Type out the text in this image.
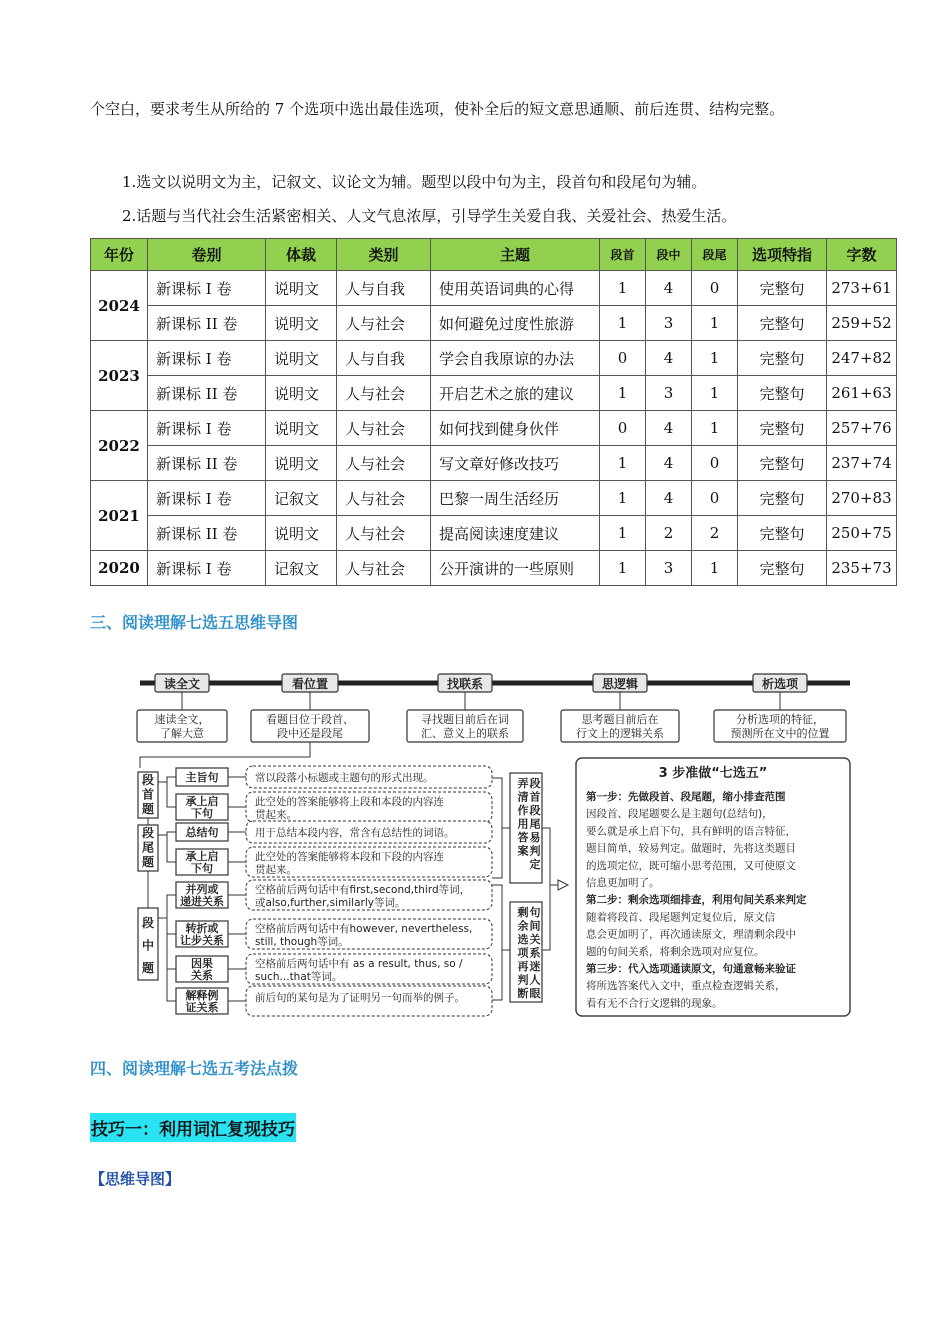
个空白，要求考生从所给的 7 个选项中选出最佳选项，使补全后的短文意思通顺、前后连贯、结构完整。
1.选文以说明文为主，记叙文、议论文为辅。题型以段中句为主，段首句和段尾句为辅。
2.话题与当代社会生活紧密相关、人文气息浓厚，引导学生关爱自我、关爱社会、热爱生活。
年份	卷别	体裁	类别	主题	段首	段中	段尾	选项特指	字数
2024	新课标 I 卷	说明文	人与自我	使用英语词典的心得	1	4	0	完整句	273+61
	新课标 II 卷	说明文	人与社会	如何避免过度性旅游	1	3	1	完整句	259+52
2023	新课标 I 卷	说明文	人与自我	学会自我原谅的办法	0	4	1	完整句	247+82
	新课标 II 卷	说明文	人与社会	开启艺术之旅的建议	1	3	1	完整句	261+63
2022	新课标 I 卷	说明文	人与社会	如何找到健身伙伴	0	4	1	完整句	257+76
	新课标 II 卷	说明文	人与社会	写文章好修改技巧	1	4	0	完整句	237+74
2021	新课标 I 卷	记叙文	人与社会	巴黎一周生活经历	1	4	0	完整句	270+83
	新课标 II 卷	说明文	人与社会	提高阅读速度建议	1	2	2	完整句	250+75
2020	新课标 I 卷	记叙文	人与社会	公开演讲的一些原则	1	3	1	完整句	235+73
三、阅读理解七选五思维导图
读全文
速读全文，
了解大意
看位置
看题目位于段首、
段中还是段尾
找联系
寻找题目前后在词
汇、意义上的联系
思逻辑
思考题目前后在
行文上的逻辑关系
析选项
分析选项的特征，
预测所在文中的位置
段
首
题
段
尾
题
段
中
题
主旨句	常以段落小标题或主题句的形式出现。
承上启
下句
此空处的答案能够将上段和本段的内容连
贯起来。
总结句	用于总结本段内容，常含有总结性的词语。
承上启
下句
此空处的答案能够将本段和下段的内容连
贯起来。
并列或
递进关系
空格前后两句话中有first,second,third等词，
或also,further,similarly等词。
转折或
让步关系
空格前后两句话中有however, nevertheless,
still, though等词。
因果
关系
空格前后两句话中有 as a result, thus, so /
such...that等词。
解释例
证关系
前后句的某句是为了证明另一句而举的例子。
段
首
段
尾
易
判
定
弄
清
作
用
答
案
句
间
关
系
迷
人
眼
剩
余
选
项
再
判
断
3 步准做“七选五”
第一步：先做段首、段尾题，缩小排查范围
因段首、段尾题要么是主题句(总结句)，
要么就是承上启下句，具有鲜明的语言特征，
题目简单，较易判定。做题时，先将这类题目
的选项定位，既可缩小思考范围，又可使原文
信息更加明了。
第二步：剩余选项细排查，利用句间关系来判定
随着将段首、段尾题判定复位后，原文信
息会更加明了，再次通读原文，理清剩余段中
题的句间关系，将剩余选项对应复位。
第三步：代入选项通读原文，句通意畅来验证
将所选答案代入文中，重点检查逻辑关系，
看有无不合行文逻辑的现象。
四、阅读理解七选五考法点拨
技巧一：利用词汇复现技巧
【思维导图】
